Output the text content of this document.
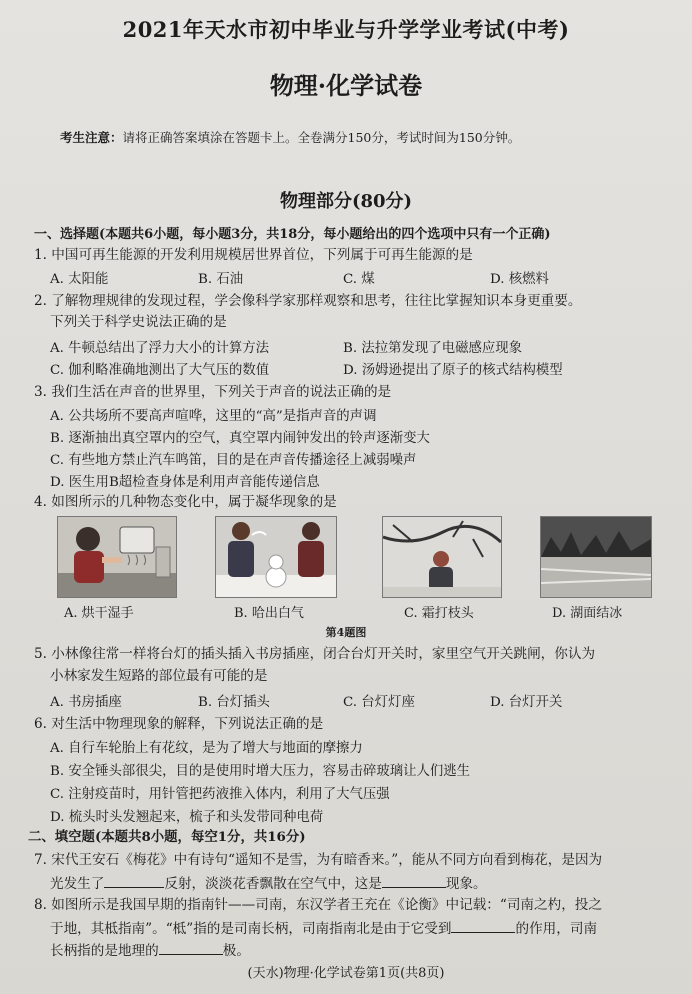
2021年天水市初中毕业与升学学业考试(中考)
物理·化学试卷
考生注意：请将正确答案填涂在答题卡上。全卷满分150分，考试时间为150分钟。
物理部分(80分)
一、选择题(本题共6小题，每小题3分，共18分，每小题给出的四个选项中只有一个正确)
1. 中国可再生能源的开发利用规模居世界首位，下列属于可再生能源的是
A. 太阳能	B. 石油	C. 煤	D. 核燃料
2. 了解物理规律的发现过程，学会像科学家那样观察和思考，往往比掌握知识本身更重要。
下列关于科学史说法正确的是
A. 牛顿总结出了浮力大小的计算方法	B. 法拉第发现了电磁感应现象
C. 伽利略准确地测出了大气压的数值	D. 汤姆逊提出了原子的核式结构模型
3. 我们生活在声音的世界里，下列关于声音的说法正确的是
A. 公共场所不要高声喧哗，这里的“高”是指声音的声调
B. 逐渐抽出真空罩内的空气，真空罩内闹钟发出的铃声逐渐变大
C. 有些地方禁止汽车鸣笛，目的是在声音传播途径上减弱噪声
D. 医生用B超检查身体是利用声音能传递信息
4. 如图所示的几种物态变化中，属于凝华现象的是
A. 烘干湿手	B. 哈出白气	C. 霜打枝头	D. 湖面结冰
第4题图
5. 小林像往常一样将台灯的插头插入书房插座，闭合台灯开关时，家里空气开关跳闸，你认为
小林家发生短路的部位最有可能的是
A. 书房插座	B. 台灯插头	C. 台灯灯座	D. 台灯开关
6. 对生活中物理现象的解释，下列说法正确的是
A. 自行车轮胎上有花纹，是为了增大与地面的摩擦力
B. 安全锤头部很尖，目的是使用时增大压力，容易击碎玻璃让人们逃生
C. 注射疫苗时，用针管把药液推入体内，利用了大气压强
D. 梳头时头发翘起来，梳子和头发带同种电荷
二、填空题(本题共8小题，每空1分，共16分)
7. 宋代王安石《梅花》中有诗句“遥知不是雪，为有暗香来。”，能从不同方向看到梅花，是因为
光发生了	反射，淡淡花香飘散在空气中，这是	现象。
8. 如图所示是我国早期的指南针——司南，东汉学者王充在《论衡》中记载：“司南之杓，投之
于地，其柢指南”。“柢”指的是司南长柄，司南指南北是由于它受到	的作用，司南
长柄指的是地理的	极。
(天水)物理·化学试卷第1页(共8页)
